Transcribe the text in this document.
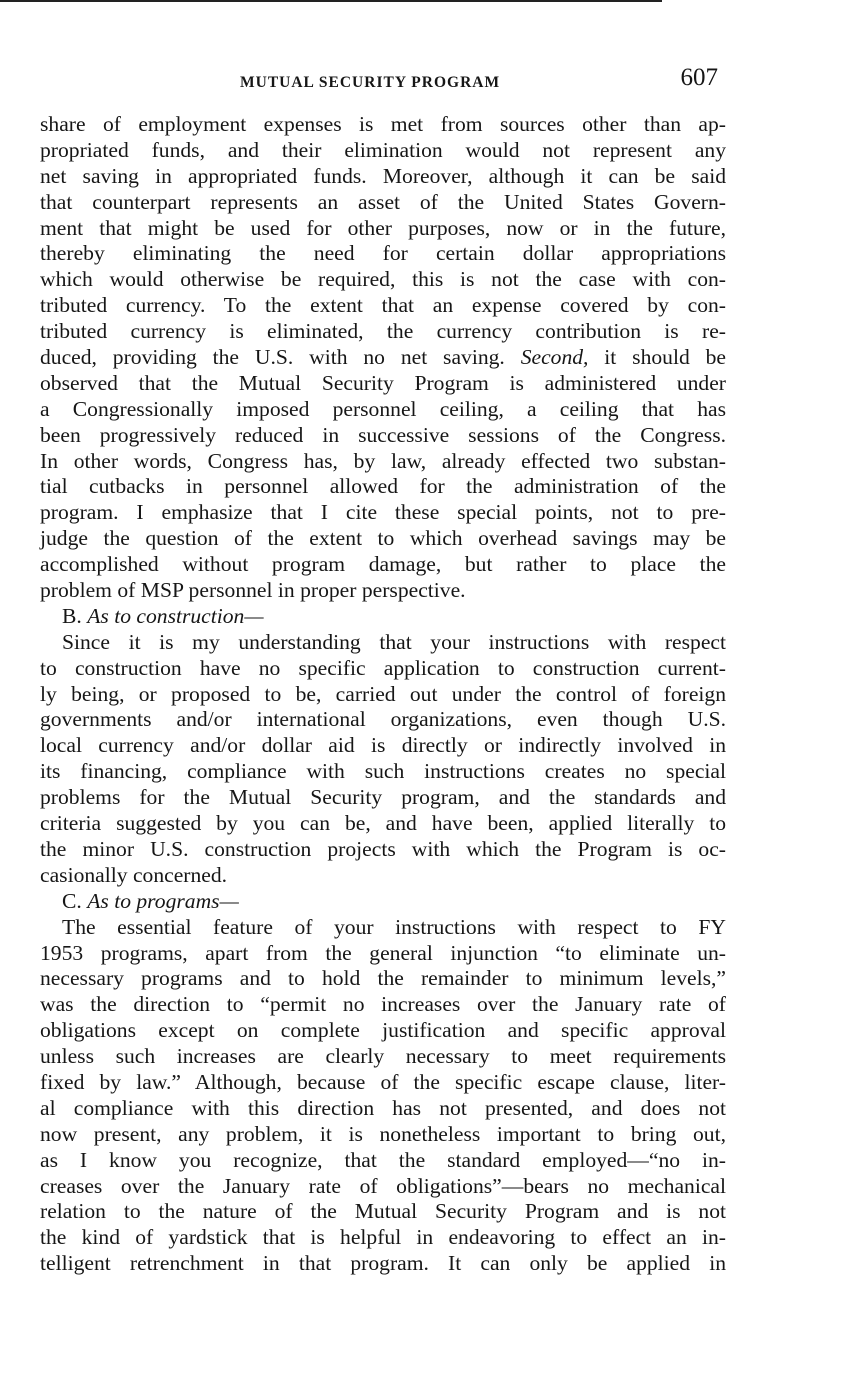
MUTUAL SECURITY PROGRAM	607
share of employment expenses is met from sources other than ap-
propriated funds, and their elimination would not represent any
net saving in appropriated funds. Moreover, although it can be said
that counterpart represents an asset of the United States Govern-
ment that might be used for other purposes, now or in the future,
thereby eliminating the need for certain dollar appropriations
which would otherwise be required, this is not the case with con-
tributed currency. To the extent that an expense covered by con-
tributed currency is eliminated, the currency contribution is re-
duced, providing the U.S. with no net saving. Second, it should be
observed that the Mutual Security Program is administered under
a Congressionally imposed personnel ceiling, a ceiling that has
been progressively reduced in successive sessions of the Congress.
In other words, Congress has, by law, already effected two substan-
tial cutbacks in personnel allowed for the administration of the
program. I emphasize that I cite these special points, not to pre-
judge the question of the extent to which overhead savings may be
accomplished without program damage, but rather to place the
problem of MSP personnel in proper perspective.
B. As to construction—
Since it is my understanding that your instructions with respect
to construction have no specific application to construction current-
ly being, or proposed to be, carried out under the control of foreign
governments and/or international organizations, even though U.S.
local currency and/or dollar aid is directly or indirectly involved in
its financing, compliance with such instructions creates no special
problems for the Mutual Security program, and the standards and
criteria suggested by you can be, and have been, applied literally to
the minor U.S. construction projects with which the Program is oc-
casionally concerned.
C. As to programs—
The essential feature of your instructions with respect to FY
1953 programs, apart from the general injunction “to eliminate un-
necessary programs and to hold the remainder to minimum levels,”
was the direction to “permit no increases over the January rate of
obligations except on complete justification and specific approval
unless such increases are clearly necessary to meet requirements
fixed by law.” Although, because of the specific escape clause, liter-
al compliance with this direction has not presented, and does not
now present, any problem, it is nonetheless important to bring out,
as I know you recognize, that the standard employed—“no in-
creases over the January rate of obligations”—bears no mechanical
relation to the nature of the Mutual Security Program and is not
the kind of yardstick that is helpful in endeavoring to effect an in-
telligent retrenchment in that program. It can only be applied in
